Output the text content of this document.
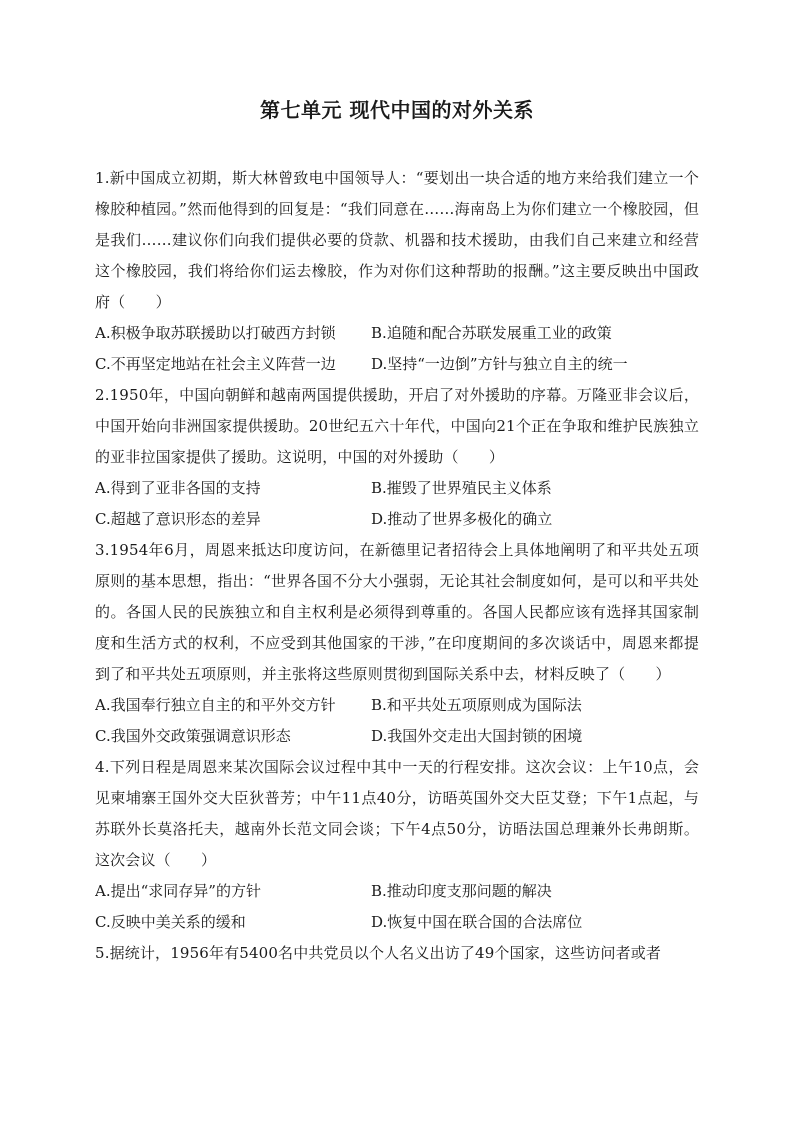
第七单元 现代中国的对外关系

1.新中国成立初期，斯大林曾致电中国领导人：“要划出一块合适的地方来给我们建立一个橡胶种植园。”然而他得到的回复是：“我们同意在……海南岛上为你们建立一个橡胶园，但是我们……建议你们向我们提供必要的贷款、机器和技术援助，由我们自己来建立和经营这个橡胶园，我们将给你们运去橡胶，作为对你们这种帮助的报酬。”这主要反映出中国政府（　　）

A.积极争取苏联援助以打破西方封锁	B.追随和配合苏联发展重工业的政策
C.不再坚定地站在社会主义阵营一边	D.坚持“一边倒”方针与独立自主的统一

2.1950年，中国向朝鲜和越南两国提供援助，开启了对外援助的序幕。万隆亚非会议后，中国开始向非洲国家提供援助。20世纪五六十年代，中国向21个正在争取和维护民族独立的亚非拉国家提供了援助。这说明，中国的对外援助（　　）

A.得到了亚非各国的支持	B.摧毁了世界殖民主义体系
C.超越了意识形态的差异	D.推动了世界多极化的确立

3.1954年6月，周恩来抵达印度访问，在新德里记者招待会上具体地阐明了和平共处五项原则的基本思想，指出：“世界各国不分大小强弱，无论其社会制度如何，是可以和平共处的。各国人民的民族独立和自主权利是必须得到尊重的。各国人民都应该有选择其国家制度和生活方式的权利，不应受到其他国家的干涉，”在印度期间的多次谈话中，周恩来都提到了和平共处五项原则，并主张将这些原则贯彻到国际关系中去，材料反映了（　　）

A.我国奉行独立自主的和平外交方针	B.和平共处五项原则成为国际法
C.我国外交政策强调意识形态	D.我国外交走出大国封锁的困境

4.下列日程是周恩来某次国际会议过程中其中一天的行程安排。这次会议：上午10点，会见柬埔寨王国外交大臣狄普芳；中午11点40分，访晤英国外交大臣艾登；下午1点起，与苏联外长莫洛托夫，越南外长范文同会谈；下午4点50分，访晤法国总理兼外长弗朗斯。这次会议（　　）

A.提出“求同存异”的方针	B.推动印度支那问题的解决
C.反映中美关系的缓和	D.恢复中国在联合国的合法席位

5.据统计，1956年有5400名中共党员以个人名义出访了49个国家，这些访问者或者
